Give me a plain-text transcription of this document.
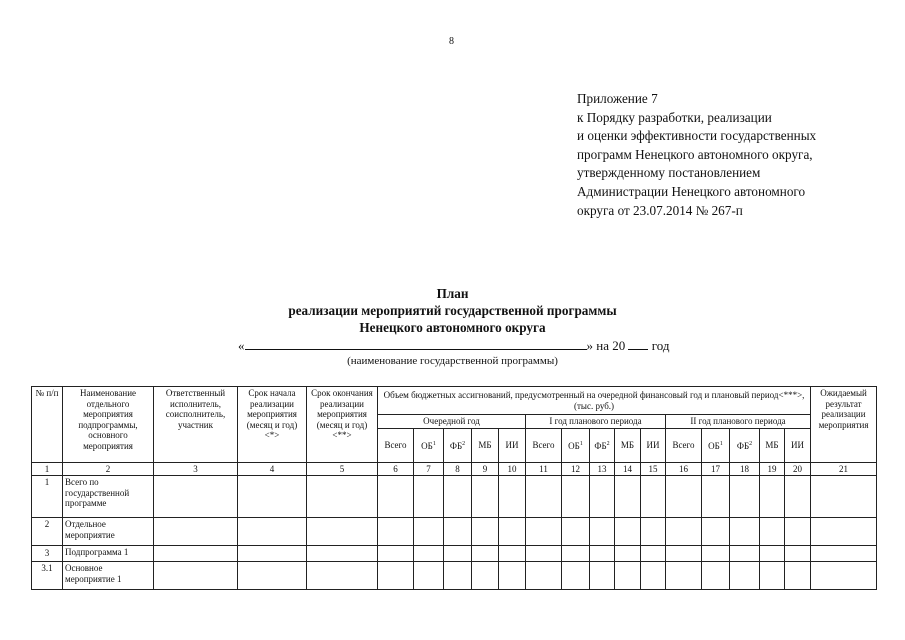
8
Приложение 7
к Порядку разработки, реализации
и оценки эффективности государственных
программ Ненецкого автономного округа,
утвержденному постановлением
Администрации Ненецкого автономного
округа от 23.07.2014 № 267-п
План
реализации мероприятий государственной программы
Ненецкого автономного округа
«	» на 20 год
(наименование государственной программы)
№ п/п	Наименование отдельного мероприятия подпрограммы, основного мероприятия	Ответственный исполнитель, соисполнитель, участник	Срок начала реализации мероприятия (месяц и год) <*>	Срок окончания реализации мероприятия (месяц и год) <**>	Объем бюджетных ассигнований, предусмотренный на очередной финансовый год и плановый период<***>, (тыс. руб.)															Ожидаемый результат реализации мероприятия
					Очередной год					I год планового периода					II год планового периода					
					Всего	$ОБ^1$	$ФБ^2$	МБ	ИИ	Всего	$ОБ^1$	$ФБ^2$	МБ	ИИ	Всего	$ОБ^1$	$ФБ^2$	МБ	ИИ	
1	2	3	4	5	6	7	8	9	10	11	12	13	14	15	16	17	18	19	20	21
1	Всего по государственной программе																			
2	Отдельное мероприятие																			
3	Подпрограмма 1																			
3.1	Основное мероприятие 1																			
